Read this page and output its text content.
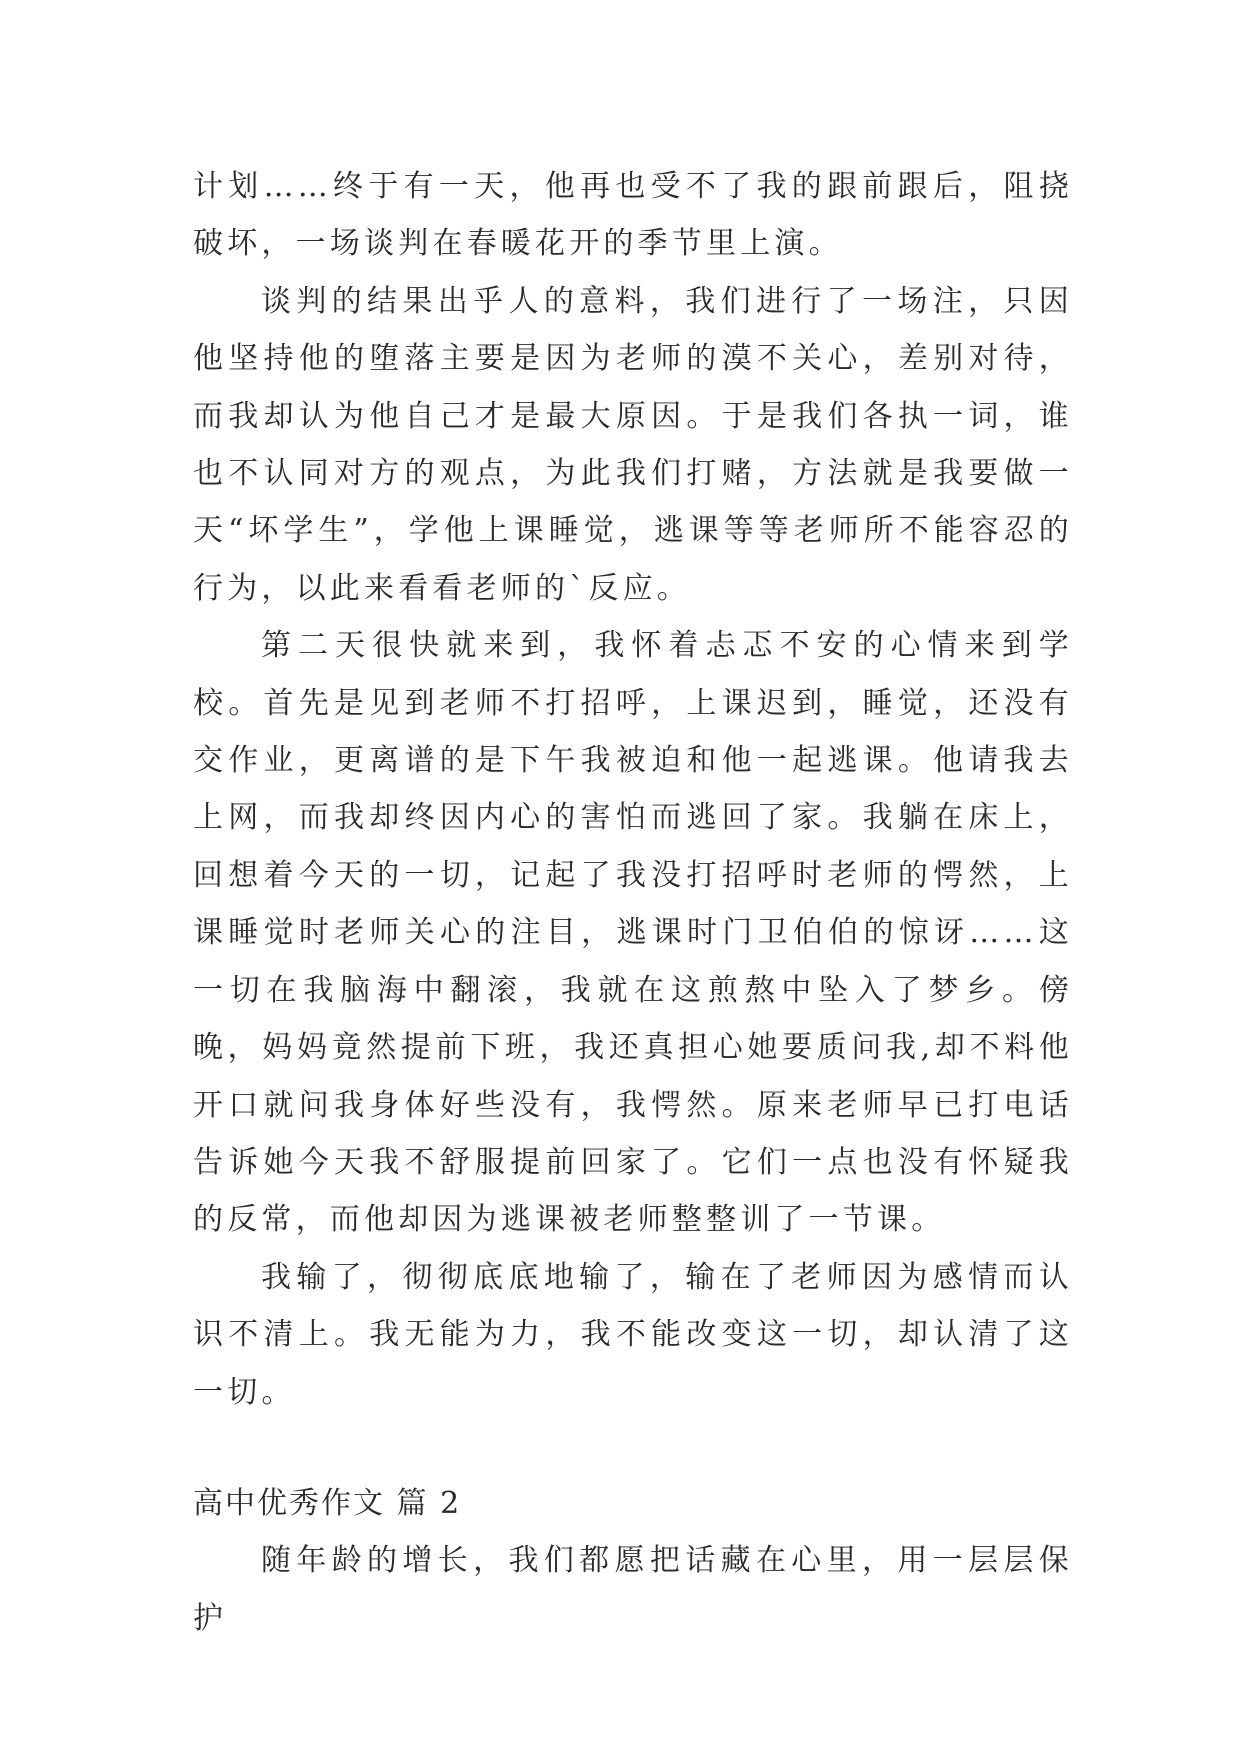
计划……终于有一天，他再也受不了我的跟前跟后，阻挠破坏，一场谈判在春暖花开的季节里上演。

谈判的结果出乎人的意料，我们进行了一场注，只因他坚持他的堕落主要是因为老师的漠不关心，差别对待，而我却认为他自己才是最大原因。于是我们各执一词，谁也不认同对方的观点，为此我们打赌，方法就是我要做一天“坏学生”，学他上课睡觉，逃课等等老师所不能容忍的行为，以此来看看老师的`反应。

第二天很快就来到，我怀着忐忑不安的心情来到学校。首先是见到老师不打招呼，上课迟到，睡觉，还没有交作业，更离谱的是下午我被迫和他一起逃课。他请我去上网，而我却终因内心的害怕而逃回了家。我躺在床上，回想着今天的一切，记起了我没打招呼时老师的愕然，上课睡觉时老师关心的注目，逃课时门卫伯伯的惊讶……这一切在我脑海中翻滚，我就在这煎熬中坠入了梦乡。傍晚，妈妈竟然提前下班，我还真担心她要质问我,却不料他开口就问我身体好些没有，我愕然。原来老师早已打电话告诉她今天我不舒服提前回家了。它们一点也没有怀疑我的反常，而他却因为逃课被老师整整训了一节课。

我输了，彻彻底底地输了，输在了老师因为感情而认识不清上。我无能为力，我不能改变这一切，却认清了这一切。

高中优秀作文 篇 2

随年龄的增长，我们都愿把话藏在心里，用一层层保护
